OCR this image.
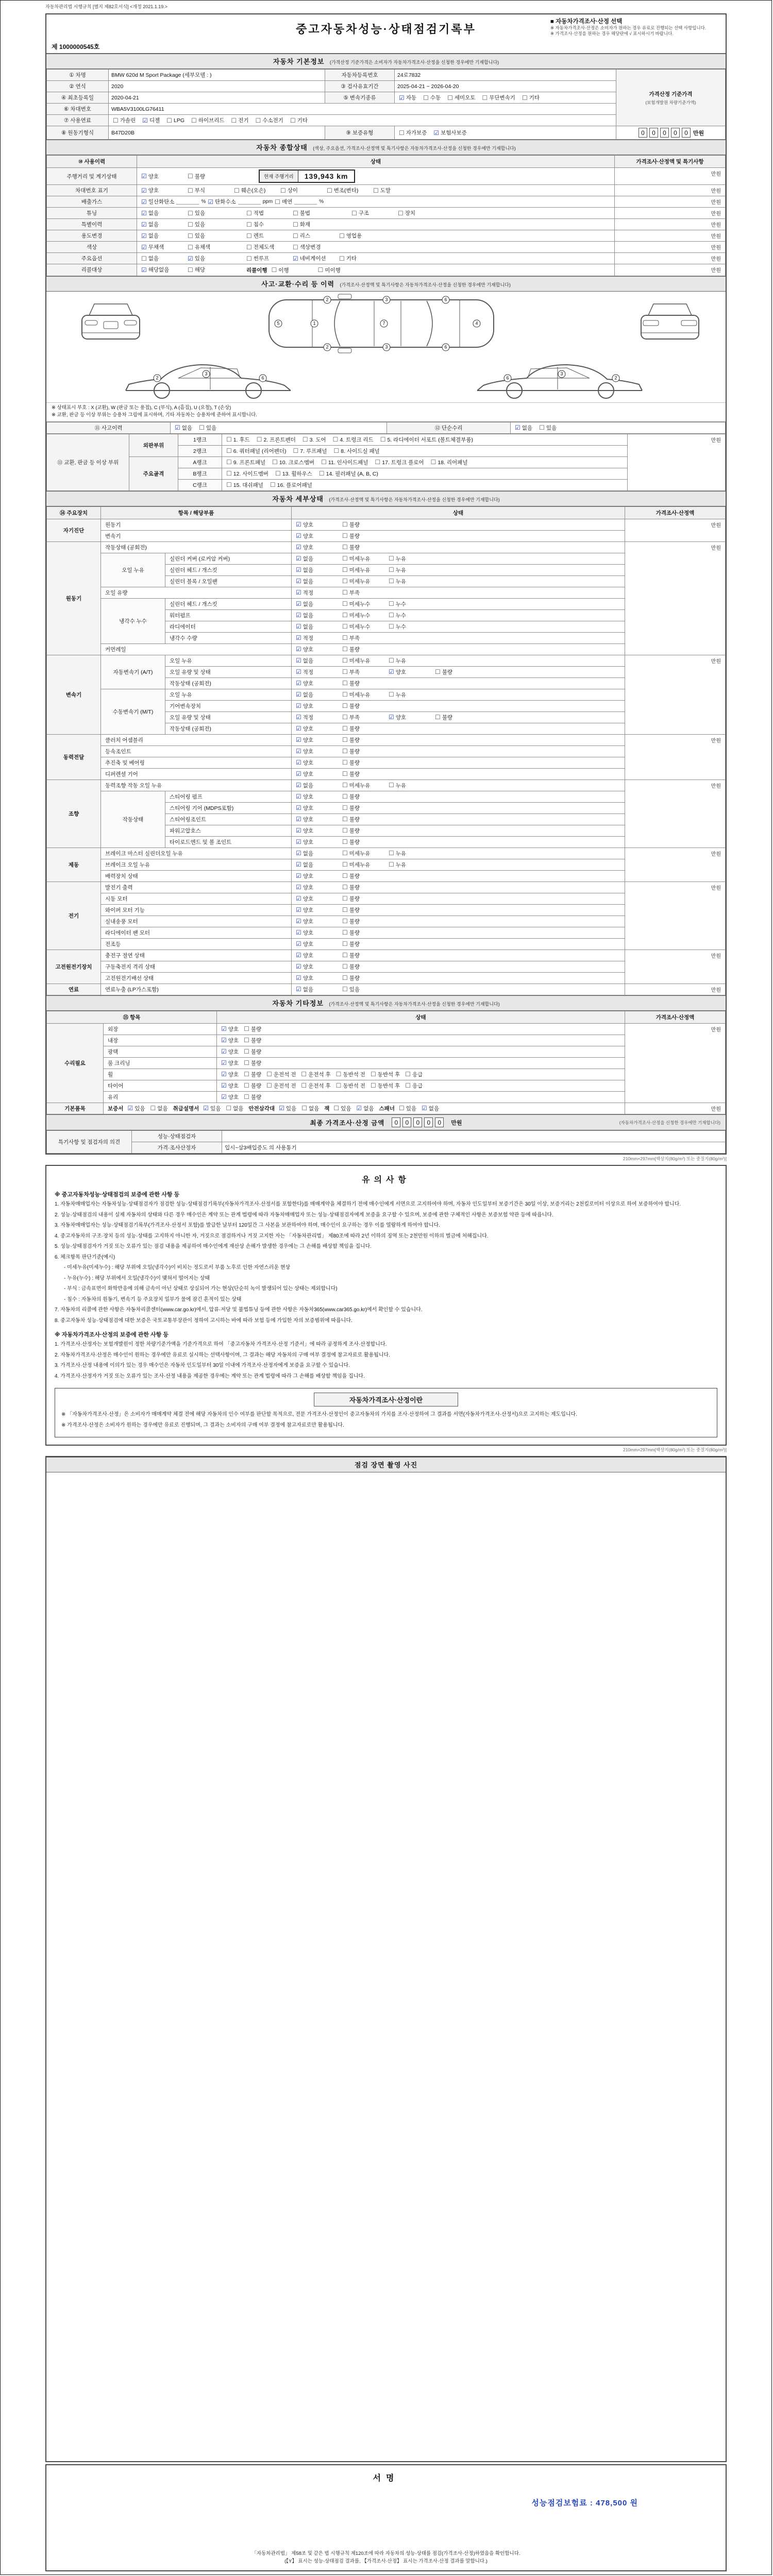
자동차관리법 시행규칙 [별지 제82호서식] <개정 2021.1.19.>
중고자동차성능·상태점검기록부
■ 자동차가격조사·산정 선택
※ 자동차가격조사·산정은 소비자가 원하는 경우 유료로 진행되는 선택 사항입니다.
※ 가격조사·산정을 원하는 경우 해당란에 √ 표시하시기 바랍니다.
제 1000000545호
자동차 기본정보 (가격산정 기준가격은 소비자가 자동차가격조사·산정을 신청한 경우에만 기재합니다)
① 차명	BMW 620d M Sport Package (세부모델 : )	자동차등록번호	24로7832	가격산정 기준가격
(보험개발원 차량기준가액)

② 연식	2020	③ 검사유효기간	2025-04-21 ~ 2026-04-20	
④ 최초등록일	2020-04-21	⑤ 변속기종류	☑ 자동 ☐ 수동 ☐ 세미오토 ☐ 무단변속기 ☐ 기타

⑥ 차대번호	WBA5V3100LG76411			
⑦ 사용연료	☐ 가솔린 ☑ 디젤 ☐ LPG ☐ 하이브리드 ☐ 전기 ☐ 수소전기 ☐ 기타

⑧ 원동기형식	B47D20B	⑨ 보증유형	☐ 자가보증 ☑ 보험사보증	0 0 0 0 0 만원
자동차 종합상태 (색상, 주요옵션, 가격조사·산정액 및 특기사항은 자동차가격조사·산정을 신청한 경우에만 기재합니다)
⑩ 사용이력	상태	가격조사·산정액 및 특기사항
주행거리 및 계기상태	☑ 양호	☐ 불량	현재 주행거리	139,943 km	만원
차대번호 표기	☑ 양호	☐ 부식	☐ 훼손(오손) ☐ 상이	☐ 변조(변타) ☐ 도말	만원
배출가스	☑ 일산화탄소	% ☑ 탄화수소	ppm ☐ 매연	%	만원
튜닝	☑ 없음	☐ 있음	☐ 적법	☐ 불법	☐ 구조	☐ 장치	만원
특별이력	☑ 없음	☐ 있음	☐ 침수	☐ 화재	만원
용도변경	☑ 없음	☐ 있음	☐ 렌트	☐ 리스	☐ 영업용	만원
색상	☑ 무채색	☐ 유채색	☐ 전체도색	☐ 색상변경	만원
주요옵션	☐ 없음	☑ 있음	☐ 썬루프	☑ 네비게이션 ☐ 기타	만원
리콜대상	☑ 해당없음	☐ 해당	리콜이행 ☐ 이행	☐ 미이행	만원
사고·교환·수리 등 이력 (가격조사·산정액 및 특기사항은 자동차가격조사·산정을 신청한 경우에만 기재합니다)
5	1	7	4
2	3	6
2	3	6
2
3
6	6
3
2
※ 상태표시 부호 : X (교환), W (판금 또는 용접), C (부식), A (흠집), U (요철), T (손상)
※ 교환, 판금 등 이상 부위는 승용차 그림에 표시하며, 기타 자동차는 승용차에 준하여 표시합니다.
⑪ 사고이력	☑ 없음 ☐ 있음	⑫ 단순수리	☑ 없음 ☐ 있음
⑬ 교환, 판금 등 이상 부위	외판부위	1랭크	☐ 1. 후드 ☐ 2. 프론트펜더 ☐ 3. 도어 ☐ 4. 트렁크 리드 ☐ 5. 라디에이터 서포트 (볼트체결부품)	만원
2랭크	☐ 6. 쿼터패널 (리어펜더) ☐ 7. 루프패널 ☐ 8. 사이드실 패널

주요골격	A랭크	☐ 9. 프론트패널 ☐ 10. 크로스멤버 ☐ 11. 인사이드패널 ☐ 17. 트렁크 플로어 ☐ 18. 리어패널

B랭크	☐ 12. 사이드멤버 ☐ 13. 휠하우스 ☐ 14. 필러패널 (A, B, C)

		C랭크	☐ 15. 대쉬패널 ☐ 16. 플로어패널	
자동차 세부상태 (가격조사·산정액 및 특기사항은 자동차가격조사·산정을 신청한 경우에만 기재합니다)
⑭ 주요장치	항목 / 해당부품		상태	가격조사·산정액
자기진단	원동기		☑ 양호 ☐ 불량	만원
	변속기		☑ 양호 ☐ 불량	

원동기	작동상태 (공회전)		☑ 양호 ☐ 불량	만원
오일 누유	실린더 커버 (로커암 커버)	☑ 없음	☐ 미세누유	☐ 누유

실린더 헤드 / 개스킷	☑ 없음	☐ 미세누유	☐ 누유

실린더 블록 / 오일팬	☑ 없음	☐ 미세누유	☐ 누유

	오일 유량		☑ 적정 ☐ 부족	

냉각수 누수	실린더 헤드 / 개스킷	☑ 없음	☐ 미세누수	☐ 누수

워터펌프	☑ 없음	☐ 미세누수	☐ 누수

라디에이터	☑ 없음	☐ 미세누수	☐ 누수

		냉각수 수량	☑ 적정 ☐ 부족	

	커먼레일		☑ 양호 ☐ 불량	

변속기	자동변속기 (A/T)	오일 누유	☑ 없음	☐ 미세누유	☐ 누유	만원
오일 유량 및 상태	☑ 적정	☐ 부족	☑ 양호	☐ 불량

		작동상태 (공회전)	☑ 양호 ☐ 불량	

수동변속기 (M/T)	오일 누유	☑ 없음	☐ 미세누유	☐ 누유

		기어변속장치	☑ 양호 ☐ 불량	

오일 유량 및 상태	☑ 적정	☐ 부족	☑ 양호	☐ 불량

		작동상태 (공회전)	☑ 양호 ☐ 불량	

동력전달	클러치 어셈블리		☑ 양호 ☐ 불량	만원
	등속조인트		☑ 양호 ☐ 불량	

	추진축 및 베어링		☑ 양호 ☐ 불량	

	디퍼렌셜 기어		☑ 양호 ☐ 불량	

조향	동력조향 작동 오일 누유	☑ 없음	☐ 미세누유	☐ 누유	만원
	작동상태	스티어링 펌프	☑ 양호 ☐ 불량	

		스티어링 기어 (MDPS포함)	☑ 양호 ☐ 불량	

		스티어링조인트	☑ 양호 ☐ 불량	

		파워고압호스	☑ 양호 ☐ 불량	

		타이로드엔드 및 볼 조인트	☑ 양호 ☐ 불량	

제동	브레이크 마스터 실린더오일 누유	☑ 없음	☐ 미세누유	☐ 누유	만원
브레이크 오일 누유	☑ 없음	☐ 미세누유	☐ 누유

	배력장치 상태		☑ 양호 ☐ 불량	

전기	발전기 출력		☑ 양호 ☐ 불량	만원
	시동 모터		☑ 양호 ☐ 불량	

	와이퍼 모터 기능		☑ 양호 ☐ 불량	

	실내송풍 모터		☑ 양호 ☐ 불량	

	라디에이터 팬 모터		☑ 양호 ☐ 불량	

	전조등		☑ 양호 ☐ 불량	

고전원전기장치	충전구 절연 상태		☑ 양호 ☐ 불량	만원
	구동축전지 격리 상태		☑ 양호 ☐ 불량	

	고전원전기배선 상태		☑ 양호 ☐ 불량	

연료	연료누출 (LP가스포함)		☑ 없음 ☐ 있음	만원
자동차 기타정보 (가격조사·산정액 및 특기사항은 자동차가격조사·산정을 신청한 경우에만 기재합니다)
⑮ 항목		상태	가격조사·산정액
수리필요	외장	☑ 양호 ☐ 불량	만원
	내장	☑ 양호 ☐ 불량	

	광택	☑ 양호 ☐ 불량	

	룸 크리닝	☑ 양호 ☐ 불량	

휠	☑ 양호 ☐ 불량 ☐ 운전석 전 ☐ 운전석 후 ☐ 동반석 전 ☐ 동반석 후 ☐ 응급

타이어	☑ 양호 ☐ 불량 ☐ 운전석 전 ☐ 운전석 후 ☐ 동반석 전 ☐ 동반석 후 ☐ 응급

	유리	☑ 양호 ☐ 불량	

기본품목	보증서 ☑ 있음 ☐ 없음 취급설명서 ☑ 있음 ☐ 없음 안전삼각대 ☑ 있음 ☐ 없음 잭 ☐ 있음 ☑ 없음 스패너 ☐ 있음 ☑ 없음	만원
최종 가격조사·산정 금액	0 0 0 0 0	만원	(자동차가격조사·산정을 신청한 경우에만 기재합니다)
특기사항 및 점검자의 의견	성능·상태점검자	
	가격·조사산정자	입시~삼3배입증도 의 사용통기
210mm×297mm[백상지(80g/m²) 또는 중질지(80g/m²)]
유의사항
※ 중고자동차성능·상태점검의 보증에 관한 사항 등
1. 자동차매매업자는 자동차성능·상태점검자가 점검한 성능·상태점검기록부(자동차가격조사·산정서를 포함한다)를 매매계약을 체결하기 전에 매수인에게 서면으로 고지하여야 하며, 자동차 인도일부터 보증기간은 30일 이상, 보증거리는 2천킬로미터 이상으로 하여 보증하여야 합니다.
2. 성능·상태점검의 내용이 실제 자동차의 상태와 다른 경우 매수인은 계약 또는 관계 법령에 따라 자동차매매업자 또는 성능·상태점검자에게 보증을 요구할 수 있으며, 보증에 관한 구체적인 사항은 보증보험 약관 등에 따릅니다.
3. 자동차매매업자는 성능·상태점검기록부(가격조사·산정서 포함)를 발급한 날부터 120일간 그 사본을 보관하여야 하며, 매수인이 요구하는 경우 이를 열람하게 하여야 합니다.
4. 중고자동차의 구조·장치 등의 성능·상태를 고지하지 아니한 자, 거짓으로 점검하거나 거짓 고지한 자는 「자동차관리법」 제80조에 따라 2년 이하의 징역 또는 2천만원 이하의 벌금에 처해집니다.
5. 성능·상태점검자가 거짓 또는 오류가 있는 점검 내용을 제공하여 매수인에게 재산상 손해가 발생한 경우에는 그 손해를 배상할 책임을 집니다.
6. 체크항목 판단기준(예시)
- 미세누유(미세누수) : 해당 부위에 오일(냉각수)이 비치는 정도로서 부품 노후로 인한 자연스러운 현상
- 누유(누수) : 해당 부위에서 오일(냉각수)이 맺혀서 떨어지는 상태
- 부식 : 금속표면이 화학반응에 의해 금속이 아닌 상태로 상실되어 가는 현상(단순히 녹이 발생되어 있는 상태는 제외합니다)
- 침수 : 자동차의 원동기, 변속기 등 주요장치 일부가 물에 잠긴 흔적이 있는 상태
7. 자동차의 리콜에 관한 사항은 자동차리콜센터(www.car.go.kr)에서, 압류·저당 및 불법튜닝 등에 관한 사항은 자동차365(www.car365.go.kr)에서 확인할 수 있습니다.
8. 중고자동차 성능·상태점검에 대한 보증은 국토교통부장관이 정하여 고시하는 바에 따라 보험 등에 가입한 자의 보증범위에 따릅니다.
※ 자동차가격조사·산정의 보증에 관한 사항 등
1. 가격조사·산정자는 보험개발원이 정한 차량기준가액을 기준가격으로 하여 「중고자동차 가격조사·산정 기준서」에 따라 공정하게 조사·산정합니다.
2. 자동차가격조사·산정은 매수인이 원하는 경우에만 유료로 실시하는 선택사항이며, 그 결과는 해당 자동차의 구매 여부 결정에 참고자료로 활용됩니다.
3. 가격조사·산정 내용에 이의가 있는 경우 매수인은 자동차 인도일부터 30일 이내에 가격조사·산정자에게 보증을 요구할 수 있습니다.
4. 가격조사·산정자가 거짓 또는 오류가 있는 조사·산정 내용을 제공한 경우에는 계약 또는 관계 법령에 따라 그 손해를 배상할 책임을 집니다.
자동차가격조사·산정이란
※ 「자동차가격조사·산정」은 소비자가 매매계약 체결 전에 해당 자동차의 인수 여부를 판단할 목적으로, 전문 가격조사·산정인이 중고자동차의 가치를 조사·산정하여 그 결과를 서면(자동차가격조사·산정서)으로 고지하는 제도입니다.
※ 가격조사·산정은 소비자가 원하는 경우에만 유료로 진행되며, 그 결과는 소비자의 구매 여부 결정에 참고자료로만 활용됩니다.
210mm×297mm[백상지(80g/m²) 또는 중질지(80g/m²)]
점검 장면 촬영 사진
서명
성능점검보험료 : 478,500 원
「자동차관리법」 제58조 및 같은 법 시행규칙 제120조에 따라 자동차의 성능·상태를 점검(가격조사·산정)하였음을 확인합니다.
(【Y】 표시는 성능·상태점검 결과를, 【가격조사·산정】 표시는 가격조사·산정 결과를 말합니다.)
